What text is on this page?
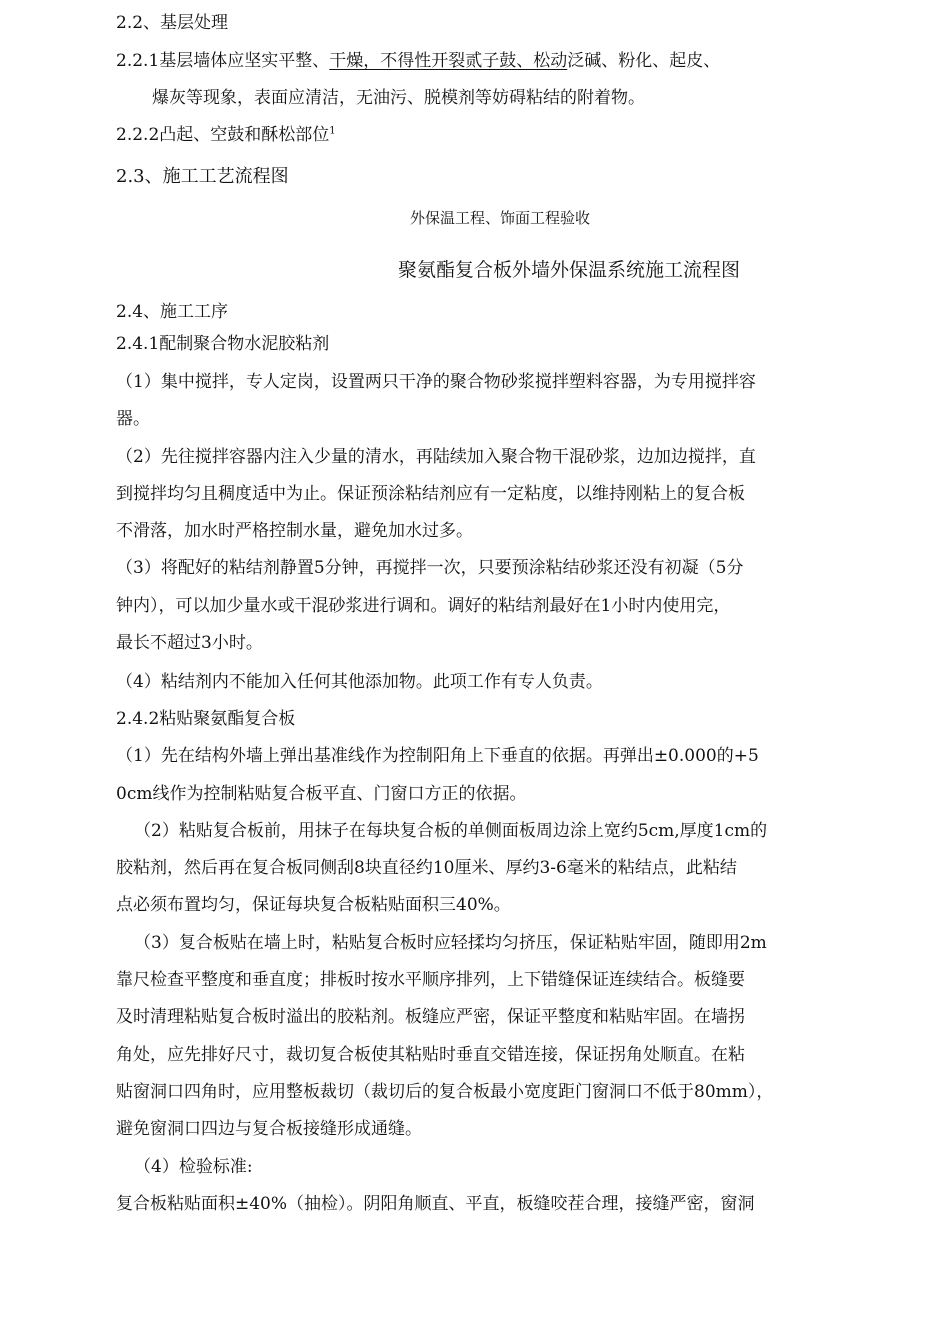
2.2、基层处理
2.2.1基层墙体应坚实平整、干燥，不得性开裂贰子鼓、松动泛碱、粉化、起皮、
爆灰等现象，表面应清洁，无油污、脱模剂等妨碍粘结的附着物。
2.2.2凸起、空鼓和酥松部位$^1$
2.3、施工工艺流程图
外保温工程、饰面工程验收
聚氨酯复合板外墙外保温系统施工流程图
2.4、施工工序
2.4.1配制聚合物水泥胶粘剂
（1）集中搅拌，专人定岗，设置两只干净的聚合物砂浆搅拌塑料容器，为专用搅拌容
器。
（2）先往搅拌容器内注入少量的清水，再陆续加入聚合物干混砂浆，边加边搅拌，直
到搅拌均匀且稠度适中为止。保证预涂粘结剂应有一定粘度，以维持刚粘上的复合板
不滑落，加水时严格控制水量，避免加水过多。
（3）将配好的粘结剂静置5分钟，再搅拌一次，只要预涂粘结砂浆还没有初凝（5分
钟内），可以加少量水或干混砂浆进行调和。调好的粘结剂最好在1小时内使用完，
最长不超过3小时。
（4）粘结剂内不能加入任何其他添加物。此项工作有专人负责。
2.4.2粘贴聚氨酯复合板
（1）先在结构外墙上弹出基准线作为控制阳角上下垂直的依据。再弹出±0.000的+5
0cm线作为控制粘贴复合板平直、门窗口方正的依据。
（2）粘贴复合板前，用抹子在每块复合板的单侧面板周边涂上宽约5cm,厚度1cm的
胶粘剂，然后再在复合板同侧刮8块直径约10厘米、厚约3-6毫米的粘结点，此粘结
点必须布置均匀，保证每块复合板粘贴面积三40%。
（3）复合板贴在墙上时，粘贴复合板时应轻揉均匀挤压，保证粘贴牢固，随即用2m
靠尺检查平整度和垂直度；排板时按水平顺序排列，上下错缝保证连续结合。板缝要
及时清理粘贴复合板时溢出的胶粘剂。板缝应严密，保证平整度和粘贴牢固。在墙拐
角处，应先排好尺寸，裁切复合板使其粘贴时垂直交错连接，保证拐角处顺直。在粘
贴窗洞口四角时，应用整板裁切（裁切后的复合板最小宽度距门窗洞口不低于80mm），
避免窗洞口四边与复合板接缝形成通缝。
（4）检验标准:
复合板粘贴面积±40%（抽检）。阴阳角顺直、平直，板缝咬茬合理，接缝严密，窗洞
